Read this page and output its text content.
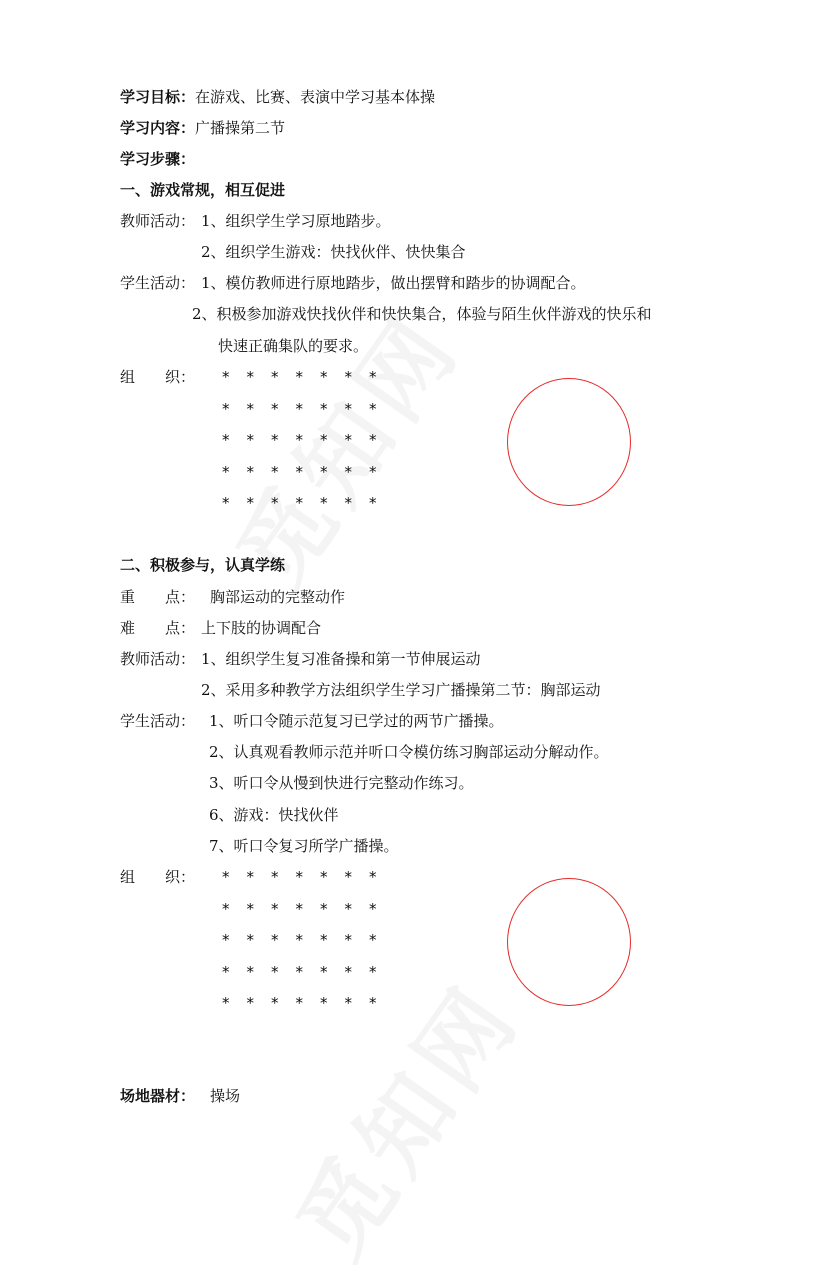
学习目标：在游戏、比赛、表演中学习基本体操
学习内容：广播操第二节
学习步骤：
一、游戏常规，相互促进
教师活动： 1、组织学生学习原地踏步。
2、组织学生游戏：快找伙伴、快快集合
学生活动： 1、模仿教师进行原地踏步，做出摆臂和踏步的协调配合。
2、积极参加游戏快找伙伴和快快集合，体验与陌生伙伴游戏的快乐和
快速正确集队的要求。
组　　织： * * * * * * *
* * * * * * *
* * * * * * *
* * * * * * *
* * * * * * *
二、积极参与，认真学练
重　　点： 胸部运动的完整动作
难　　点： 上下肢的协调配合
教师活动： 1、组织学生复习准备操和第一节伸展运动
2、采用多种教学方法组织学生学习广播操第二节：胸部运动
学生活动： 1、听口令随示范复习已学过的两节广播操。
2、认真观看教师示范并听口令模仿练习胸部运动分解动作。
3、听口令从慢到快进行完整动作练习。
6、游戏：快找伙伴
7、听口令复习所学广播操。
组　　织： * * * * * * *
* * * * * * *
* * * * * * *
* * * * * * *
* * * * * * *
场地器材： 操场
